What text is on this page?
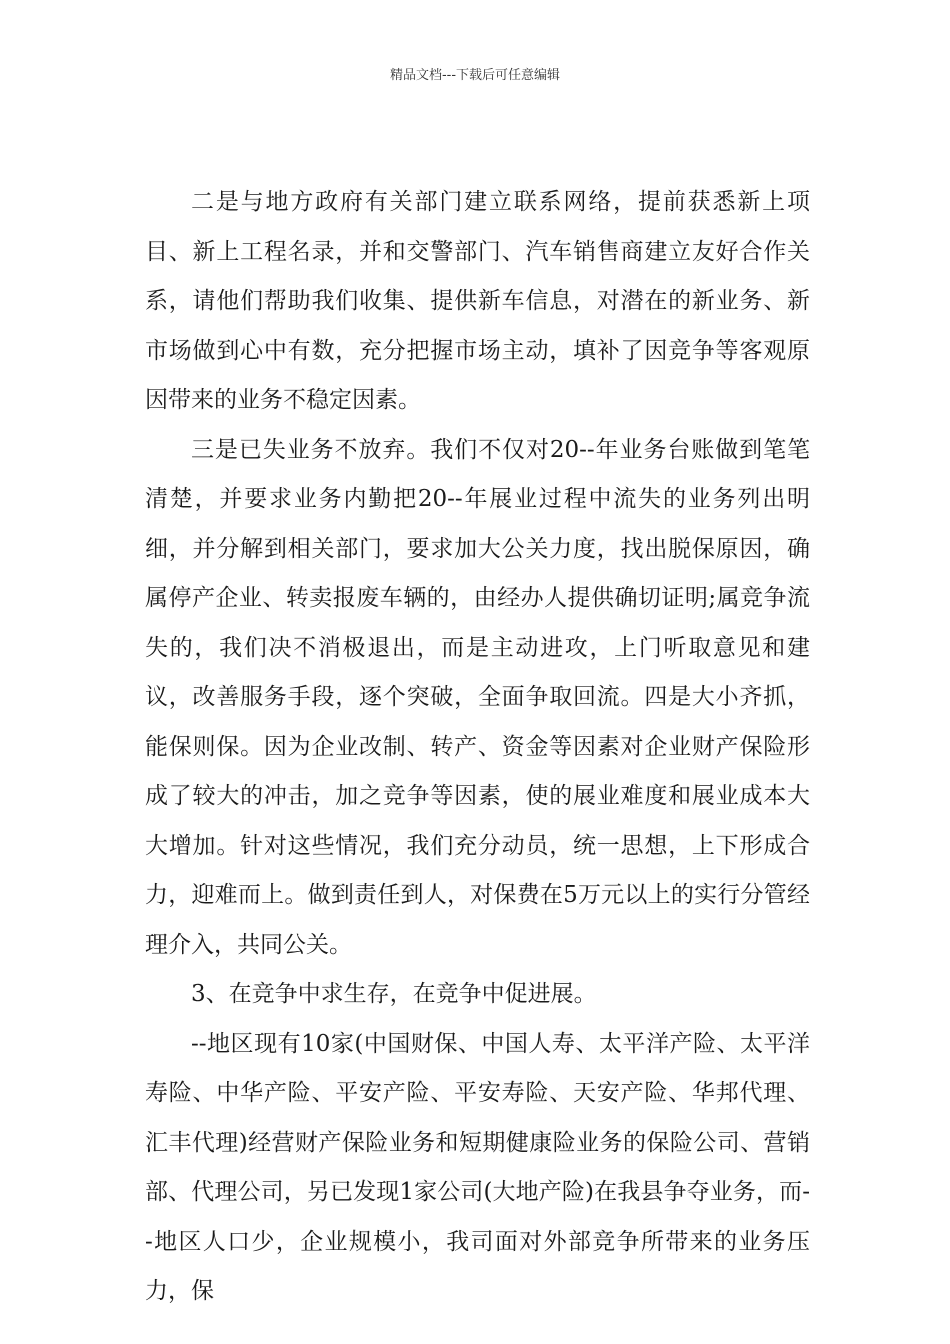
精品文档---下载后可任意编辑

二是与地方政府有关部门建立联系网络，提前获悉新上项目、新上工程名录，并和交警部门、汽车销售商建立友好合作关系，请他们帮助我们收集、提供新车信息，对潜在的新业务、新市场做到心中有数，充分把握市场主动，填补了因竞争等客观原因带来的业务不稳定因素。

三是已失业务不放弃。我们不仅对20--年业务台账做到笔笔清楚，并要求业务内勤把20--年展业过程中流失的业务列出明细，并分解到相关部门，要求加大公关力度，找出脱保原因，确属停产企业、转卖报废车辆的，由经办人提供确切证明;属竞争流失的，我们决不消极退出，而是主动进攻，上门听取意见和建议，改善服务手段，逐个突破，全面争取回流。四是大小齐抓，能保则保。因为企业改制、转产、资金等因素对企业财产保险形成了较大的冲击，加之竞争等因素，使的展业难度和展业成本大大增加。针对这些情况，我们充分动员，统一思想，上下形成合力，迎难而上。做到责任到人，对保费在5万元以上的实行分管经理介入，共同公关。

3、在竞争中求生存，在竞争中促进展。

--地区现有10家(中国财保、中国人寿、太平洋产险、太平洋寿险、中华产险、平安产险、平安寿险、天安产险、华邦代理、汇丰代理)经营财产保险业务和短期健康险业务的保险公司、营销部、代理公司，另已发现1家公司(大地产险)在我县争夺业务，而--地区人口少，企业规模小，我司面对外部竞争所带来的业务压力，保
